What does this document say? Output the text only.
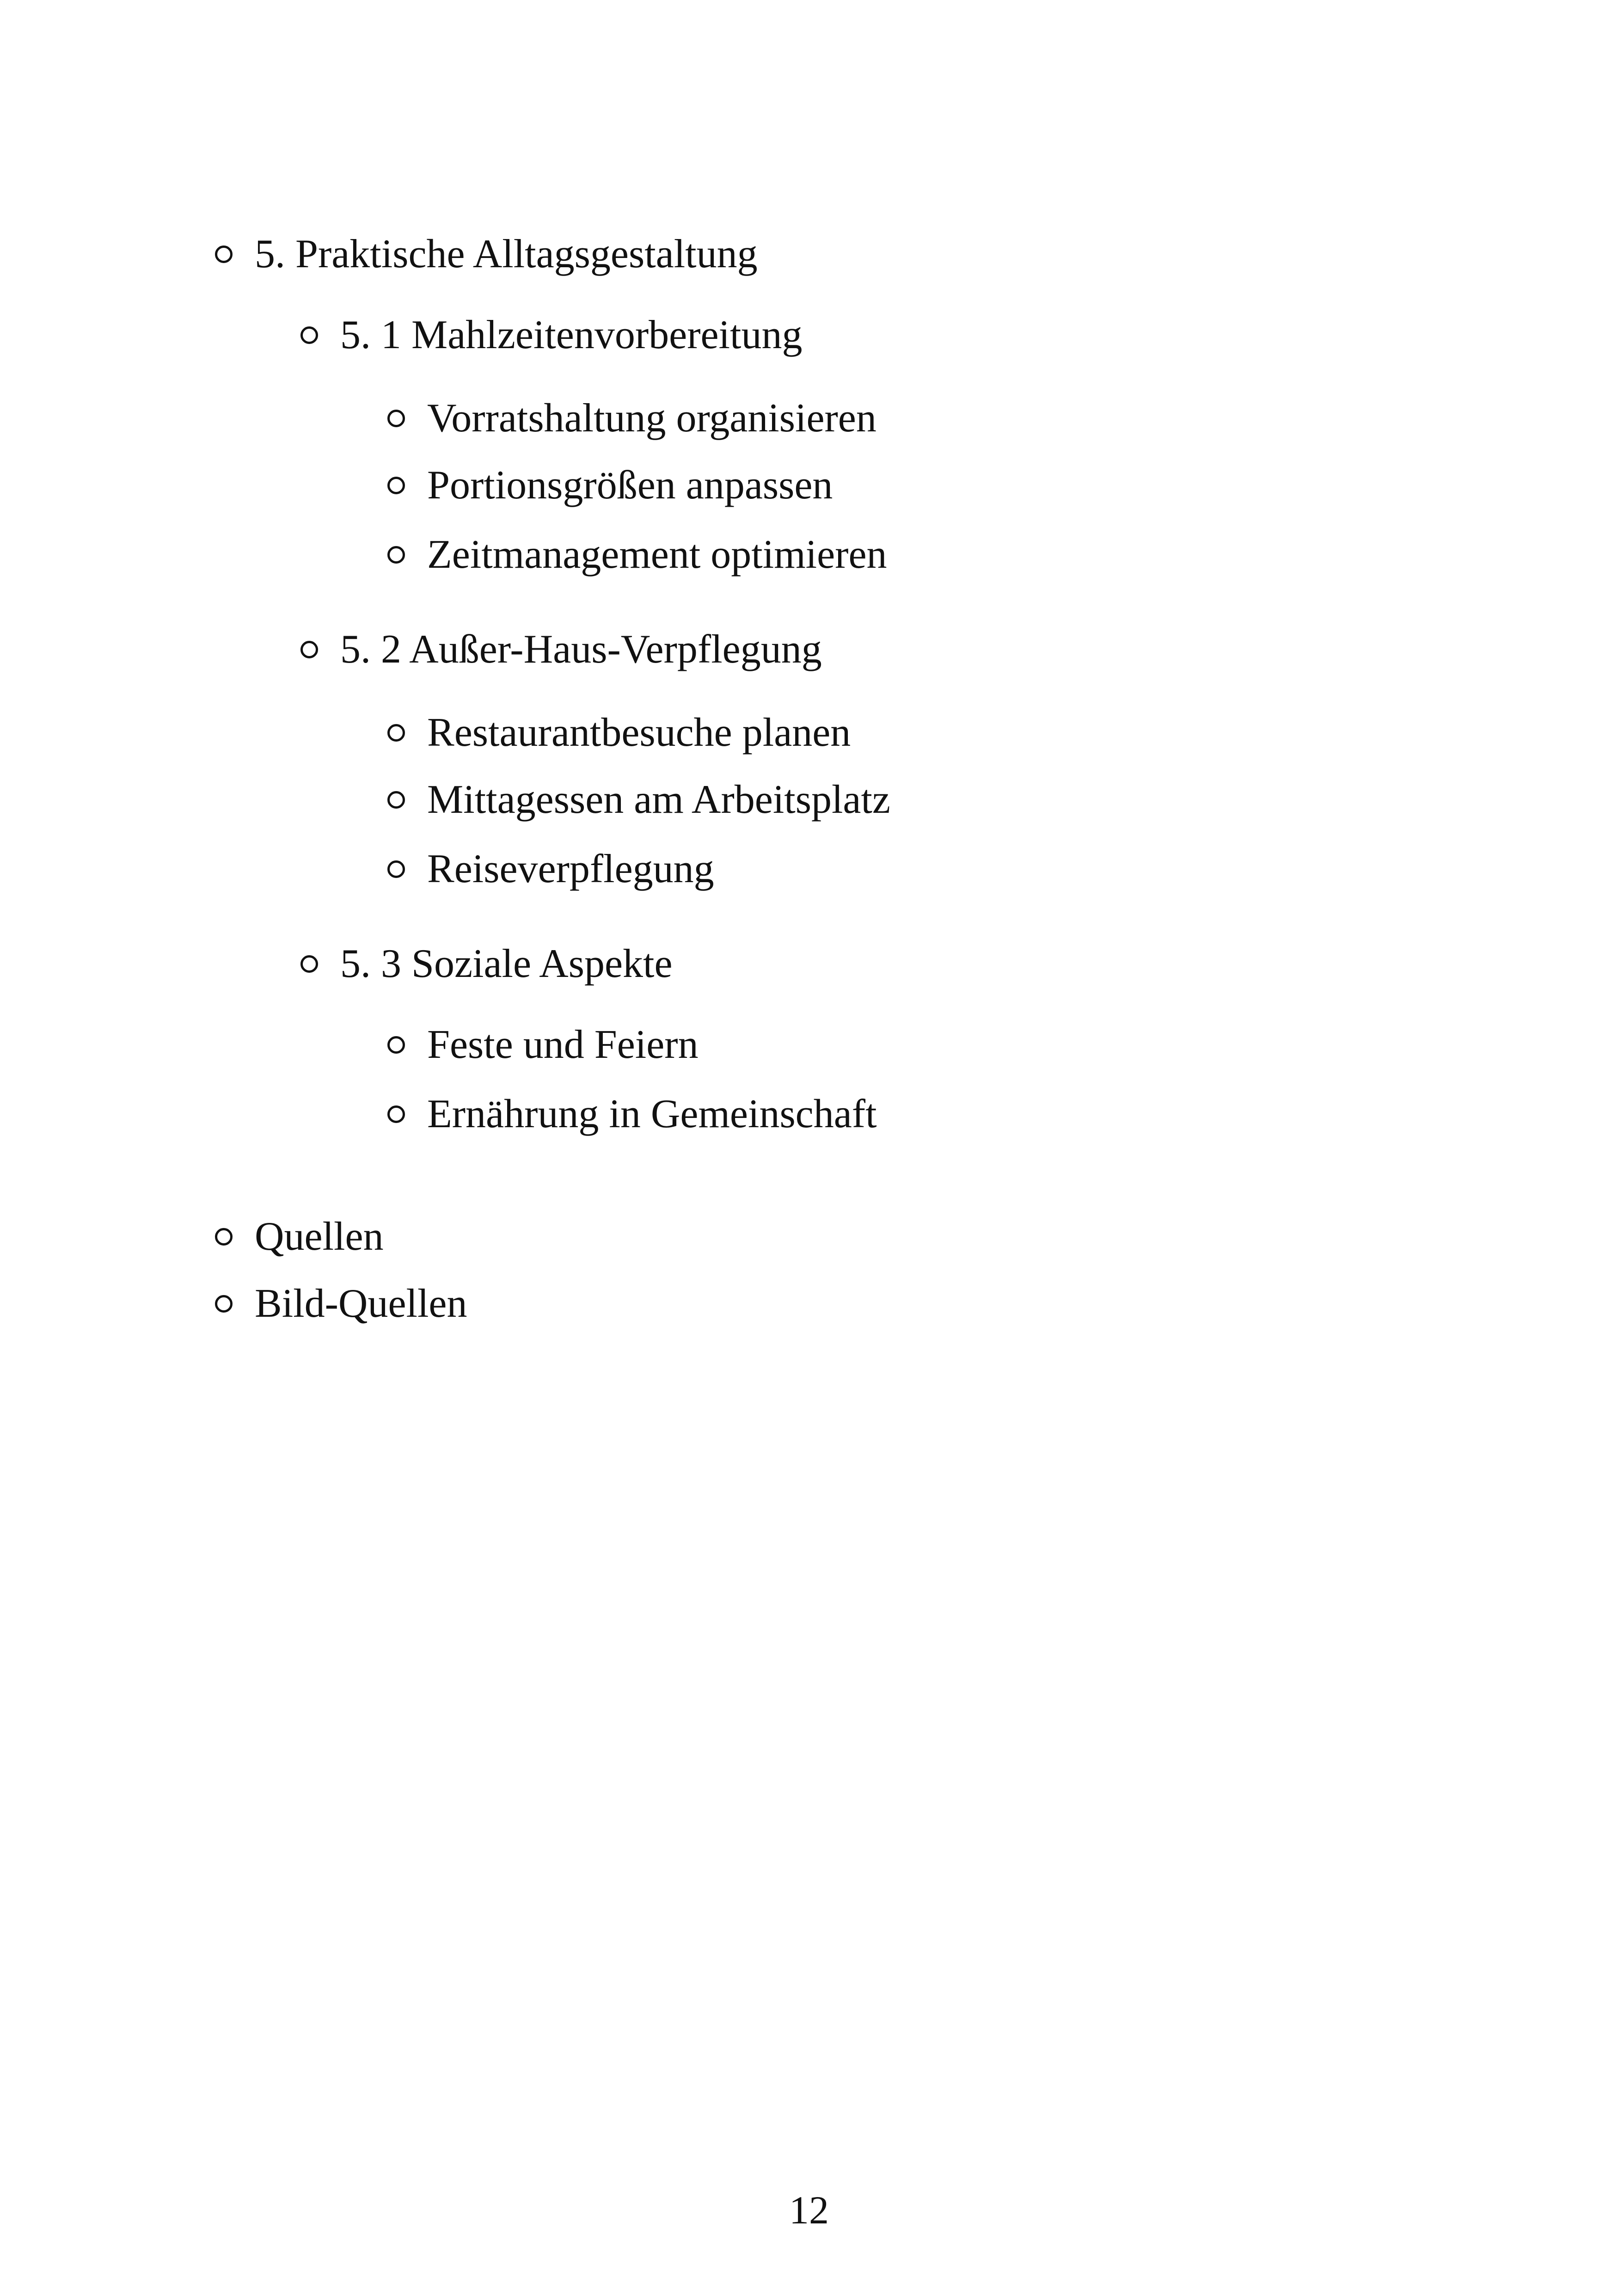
5. Praktische Alltagsgestaltung
5. 1 Mahlzeitenvorbereitung
Vorratshaltung organisieren
Portionsgrößen anpassen
Zeitmanagement optimieren
5. 2 Außer-Haus-Verpflegung
Restaurantbesuche planen
Mittagessen am Arbeitsplatz
Reiseverpflegung
5. 3 Soziale Aspekte
Feste und Feiern
Ernährung in Gemeinschaft
Quellen
Bild-Quellen
12
